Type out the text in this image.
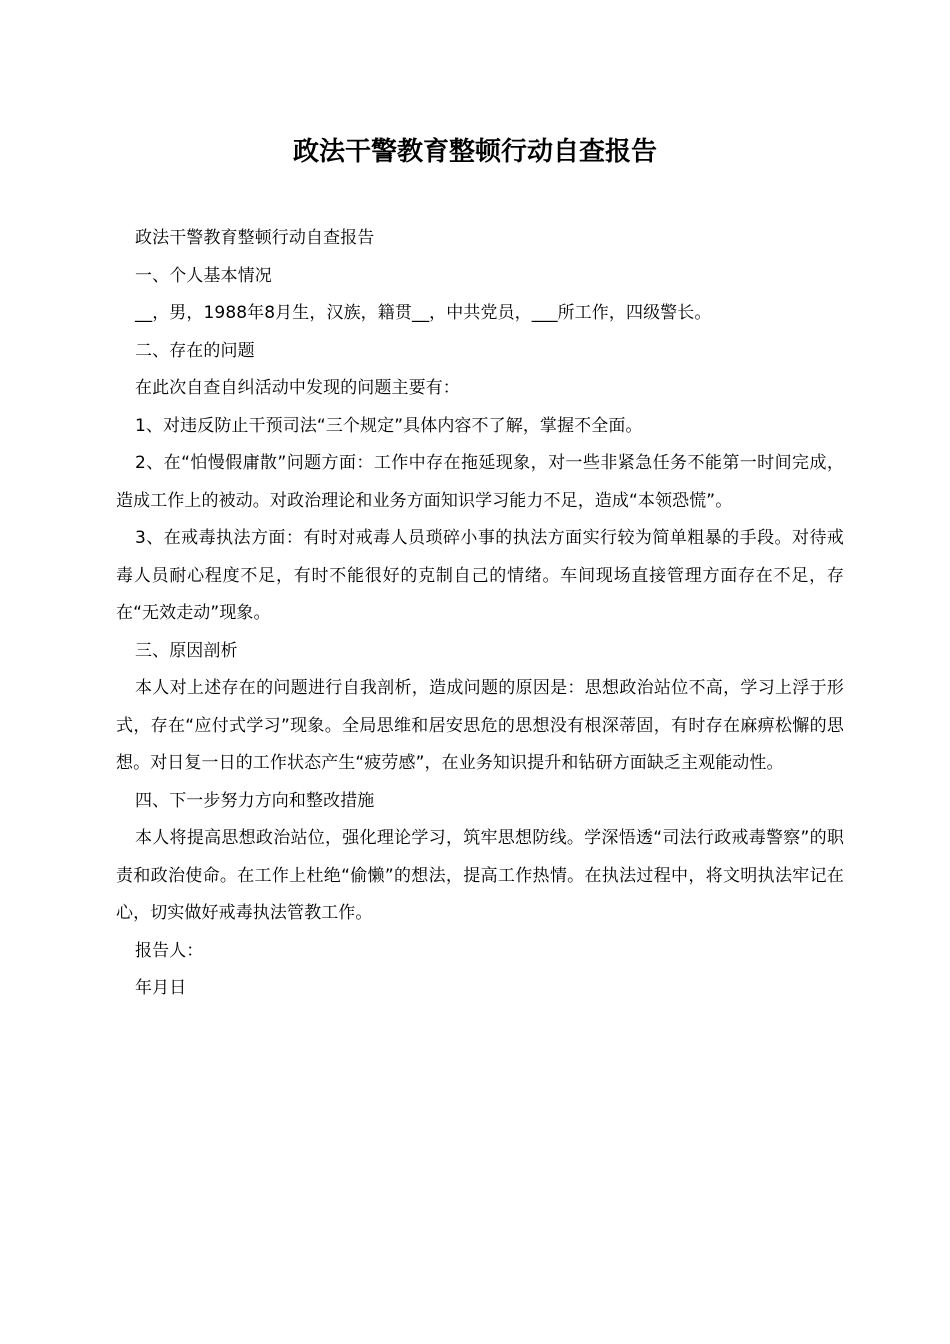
政法干警教育整顿行动自查报告

政法干警教育整顿行动自查报告

一、个人基本情况

__，男，1988年8月生，汉族，籍贯__，中共党员，___所工作，四级警长。

二、存在的问题

在此次自查自纠活动中发现的问题主要有：

1、对违反防止干预司法“三个规定”具体内容不了解，掌握不全面。

2、在“怕慢假庸散”问题方面：工作中存在拖延现象，对一些非紧急任务不能第一时间完成，造成工作上的被动。对政治理论和业务方面知识学习能力不足，造成“本领恐慌”。

3、在戒毒执法方面：有时对戒毒人员琐碎小事的执法方面实行较为简单粗暴的手段。对待戒毒人员耐心程度不足，有时不能很好的克制自己的情绪。车间现场直接管理方面存在不足，存在“无效走动”现象。

三、原因剖析

本人对上述存在的问题进行自我剖析，造成问题的原因是：思想政治站位不高，学习上浮于形式，存在“应付式学习”现象。全局思维和居安思危的思想没有根深蒂固，有时存在麻痹松懈的思想。对日复一日的工作状态产生“疲劳感”，在业务知识提升和钻研方面缺乏主观能动性。

四、下一步努力方向和整改措施

本人将提高思想政治站位，强化理论学习，筑牢思想防线。学深悟透“司法行政戒毒警察”的职责和政治使命。在工作上杜绝“偷懒”的想法，提高工作热情。在执法过程中，将文明执法牢记在心，切实做好戒毒执法管教工作。

报告人：

年月日
